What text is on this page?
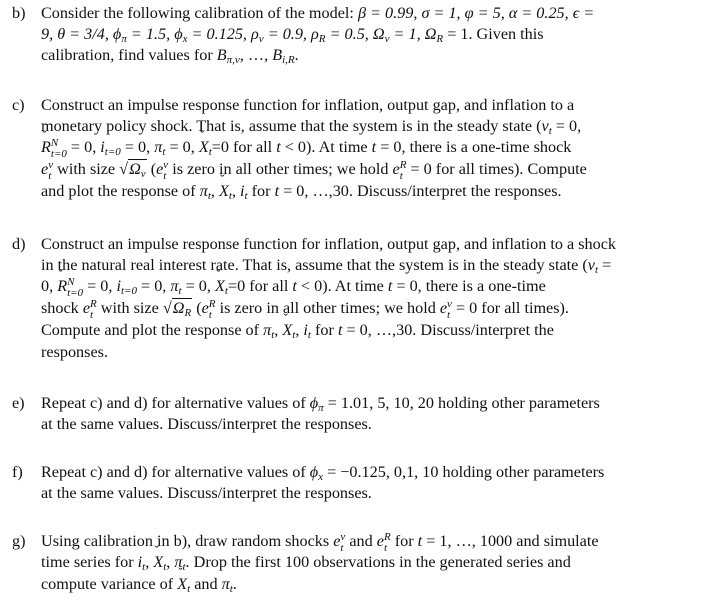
b) Consider the following calibration of the model: β = 0.99, σ = 1, φ = 5, α = 0.25, ϵ =
9, θ = 3/4, $\phi_\pi = 1.5$, $\phi_x = 0.125$, $\rho_v = 0.9$, $\rho_R = 0.5$, $\Omega_v = 1$, $\Omega_R = 1$. Given this
calibration, find values for $B_{\pi,v}$, …, $B_{i,R}$.
c) Construct an impulse response function for inflation, output gap, and inflation to a
monetary policy shock. That is, assume that the system is in the steady state ($v_t = 0$,
ˇ R N
t=0 = 0, $i_{t=0} = 0$, $\pi_t = 0$, ˇ $X_t=0$ for all t < 0). At time t = 0, there is a one-time shock
e v
t with size $√\Omega_v$ (e v
t is zero in all other times; we hold e R
t = 0 for all times). Compute
and plot the response of $\pi_t$, ˇ $X_t$, $i_t$ for t = 0, …,30. Discuss/interpret the responses.
d) Construct an impulse response function for inflation, output gap, and inflation to a shock
in the natural real interest rate. That is, assume that the system is in the steady state ($v_t$ =
0, ˇ R N
t=0 = 0, $i_{t=0} = 0$, $\pi_t = 0$, ˇ $X_t=0$ for all t < 0). At time t = 0, there is a one-time
shock e R
t with size $√\Omega_R$ (e R
t is zero in all other times; we hold e v
t = 0 for all times).
Compute and plot the response of $\pi_t$, ˇ $X_t$, $i_t$ for t = 0, …,30. Discuss/interpret the
responses.
e) Repeat c) and d) for alternative values of $\phi_\pi = 1.01$, 5, 10, 20 holding other parameters
at the same values. Discuss/interpret the responses.
f) Repeat c) and d) for alternative values of $\phi_x = -0.125$, 0,1, 10 holding other parameters
at the same values. Discuss/interpret the responses.
g) Using calibration in b), draw random shocks e v
t and e R
t for t = 1, …, 1000 and simulate
time series for $i_t$, ˇ $X_t$, $\pi_t$. Drop the first 100 observations in the generated series and
compute variance of ˇ $X_t$ and $\pi_t$.
